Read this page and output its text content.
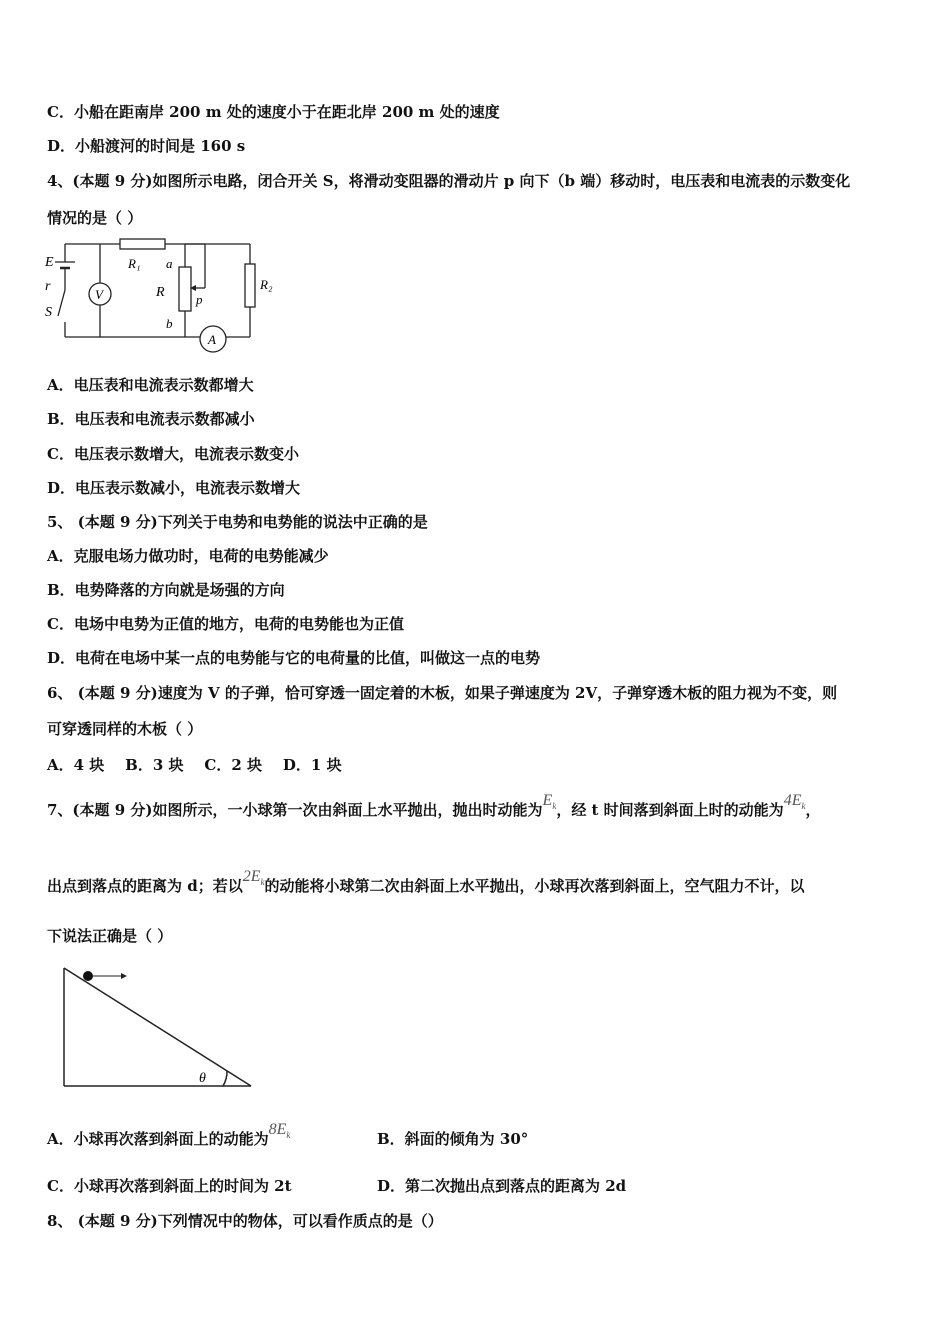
C．小船在距南岸 200 m 处的速度小于在距北岸 200 m 处的速度
D．小船渡河的时间是 160 s
4、(本题 9 分)如图所示电路，闭合开关 S，将滑动变阻器的滑动片 p 向下（b 端）移动时，电压表和电流表的示数变化
情况的是（ ）
E
r
S
V
R₁ a
R p
b
R₂
A
A．电压表和电流表示数都增大
B．电压表和电流表示数都减小
C．电压表示数增大，电流表示数变小
D．电压表示数减小，电流表示数增大
5、 (本题 9 分)下列关于电势和电势能的说法中正确的是
A．克服电场力做功时，电荷的电势能减少
B．电势降落的方向就是场强的方向
C．电场中电势为正值的地方，电荷的电势能也为正值
D．电荷在电场中某一点的电势能与它的电荷量的比值，叫做这一点的电势
6、 (本题 9 分)速度为 V 的子弹，恰可穿透一固定着的木板，如果子弹速度为 2V，子弹穿透木板的阻力视为不变，则
可穿透同样的木板（ ）
A．4 块    B．3 块    C．2 块    D．1 块
7、(本题 9 分)如图所示，一小球第一次由斜面上水平抛出，抛出时动能为$E_k$，经 t 时间落到斜面上时的动能为$4E_k$，
出点到落点的距离为 d；若以$2E_k$的动能将小球第二次由斜面上水平抛出，小球再次落到斜面上，空气阻力不计，以
下说法正确是（ ）
θ
A．小球再次落到斜面上的动能为$8E_k$	B．斜面的倾角为 30°
C．小球再次落到斜面上的时间为 2t	D．第二次抛出点到落点的距离为 2d
8、 (本题 9 分)下列情况中的物体，可以看作质点的是（）
